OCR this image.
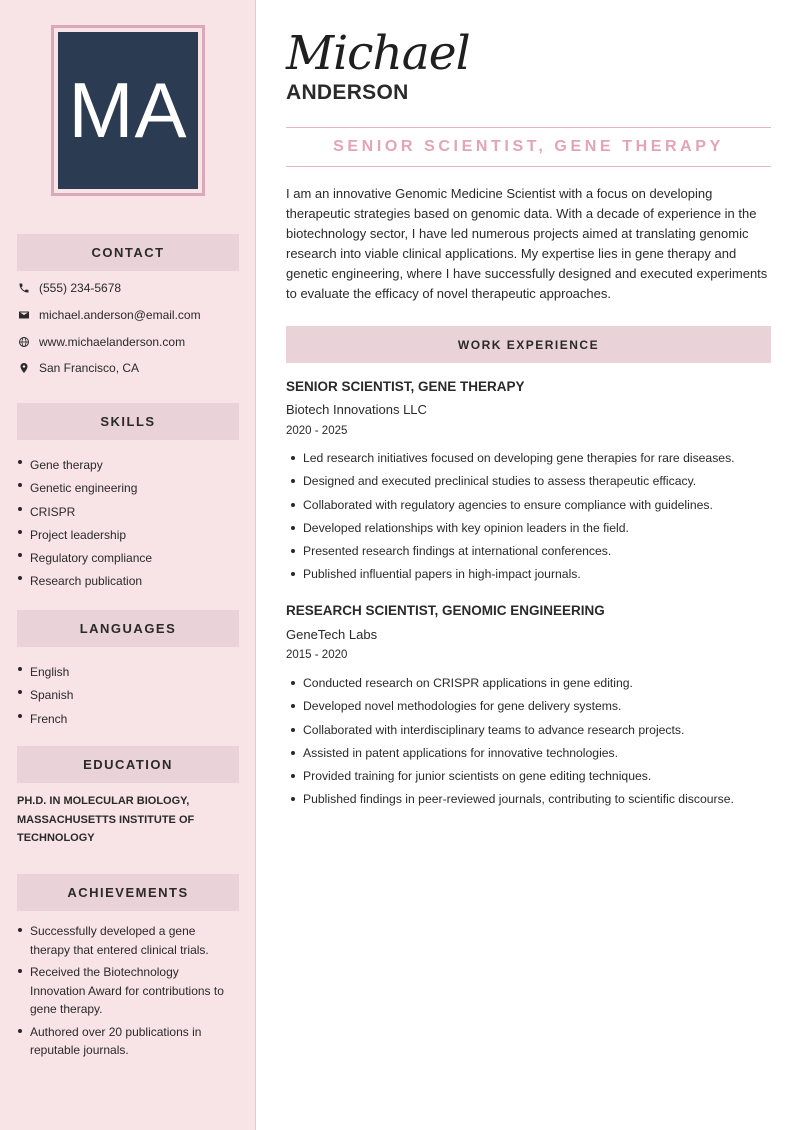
MA
CONTACT
(555) 234-5678
michael.anderson@email.com
www.michaelanderson.com
San Francisco, CA
SKILLS
Gene therapy
Genetic engineering
CRISPR
Project leadership
Regulatory compliance
Research publication
LANGUAGES
English
Spanish
French
EDUCATION
PH.D. IN MOLECULAR BIOLOGY, MASSACHUSETTS INSTITUTE OF TECHNOLOGY
ACHIEVEMENTS
Successfully developed a gene therapy that entered clinical trials.
Received the Biotechnology Innovation Award for contributions to gene therapy.
Authored over 20 publications in reputable journals.
Michael
ANDERSON
SENIOR SCIENTIST, GENE THERAPY
I am an innovative Genomic Medicine Scientist with a focus on developing therapeutic strategies based on genomic data. With a decade of experience in the biotechnology sector, I have led numerous projects aimed at translating genomic research into viable clinical applications. My expertise lies in gene therapy and genetic engineering, where I have successfully designed and executed experiments to evaluate the efficacy of novel therapeutic approaches.
WORK EXPERIENCE
SENIOR SCIENTIST, GENE THERAPY
Biotech Innovations LLC
2020 - 2025
Led research initiatives focused on developing gene therapies for rare diseases.
Designed and executed preclinical studies to assess therapeutic efficacy.
Collaborated with regulatory agencies to ensure compliance with guidelines.
Developed relationships with key opinion leaders in the field.
Presented research findings at international conferences.
Published influential papers in high-impact journals.
RESEARCH SCIENTIST, GENOMIC ENGINEERING
GeneTech Labs
2015 - 2020
Conducted research on CRISPR applications in gene editing.
Developed novel methodologies for gene delivery systems.
Collaborated with interdisciplinary teams to advance research projects.
Assisted in patent applications for innovative technologies.
Provided training for junior scientists on gene editing techniques.
Published findings in peer-reviewed journals, contributing to scientific discourse.
